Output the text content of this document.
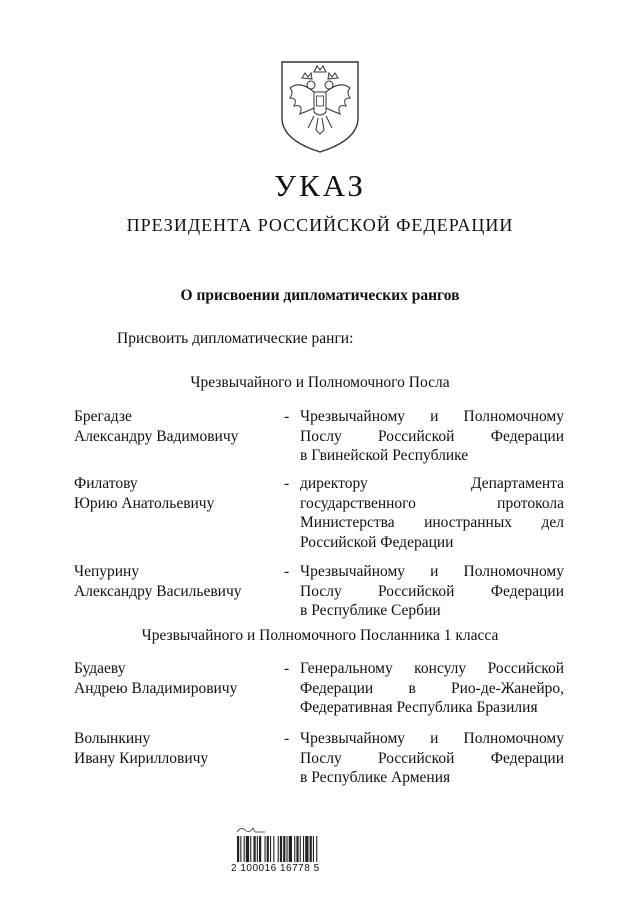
УКАЗ
ПРЕЗИДЕНТА РОССИЙСКОЙ ФЕДЕРАЦИИ
О присвоении дипломатических рангов
Присвоить дипломатические ранги:
Чрезвычайного и Полномочного Посла
Брегадзе
Александру Вадимовичу
- Чрезвычайному и Полномочному
Послу Российской Федерации
в Гвинейской Республике
Филатову
Юрию Анатольевичу
- директору Департамента
государственного протокола
Министерства иностранных дел
Российской Федерации
Чепурину
Александру Васильевичу
- Чрезвычайному и Полномочному
Послу Российской Федерации
в Республике Сербии
Чрезвычайного и Полномочного Посланника 1 класса
Будаеву
Андрею Владимировичу
- Генеральному консулу Российской
Федерации в Рио-де-Жанейро,
Федеративная Республика Бразилия
Волынкину
Ивану Кирилловичу
- Чрезвычайному и Полномочному
Послу Российской Федерации
в Республике Армения
2 100016 16778 5
